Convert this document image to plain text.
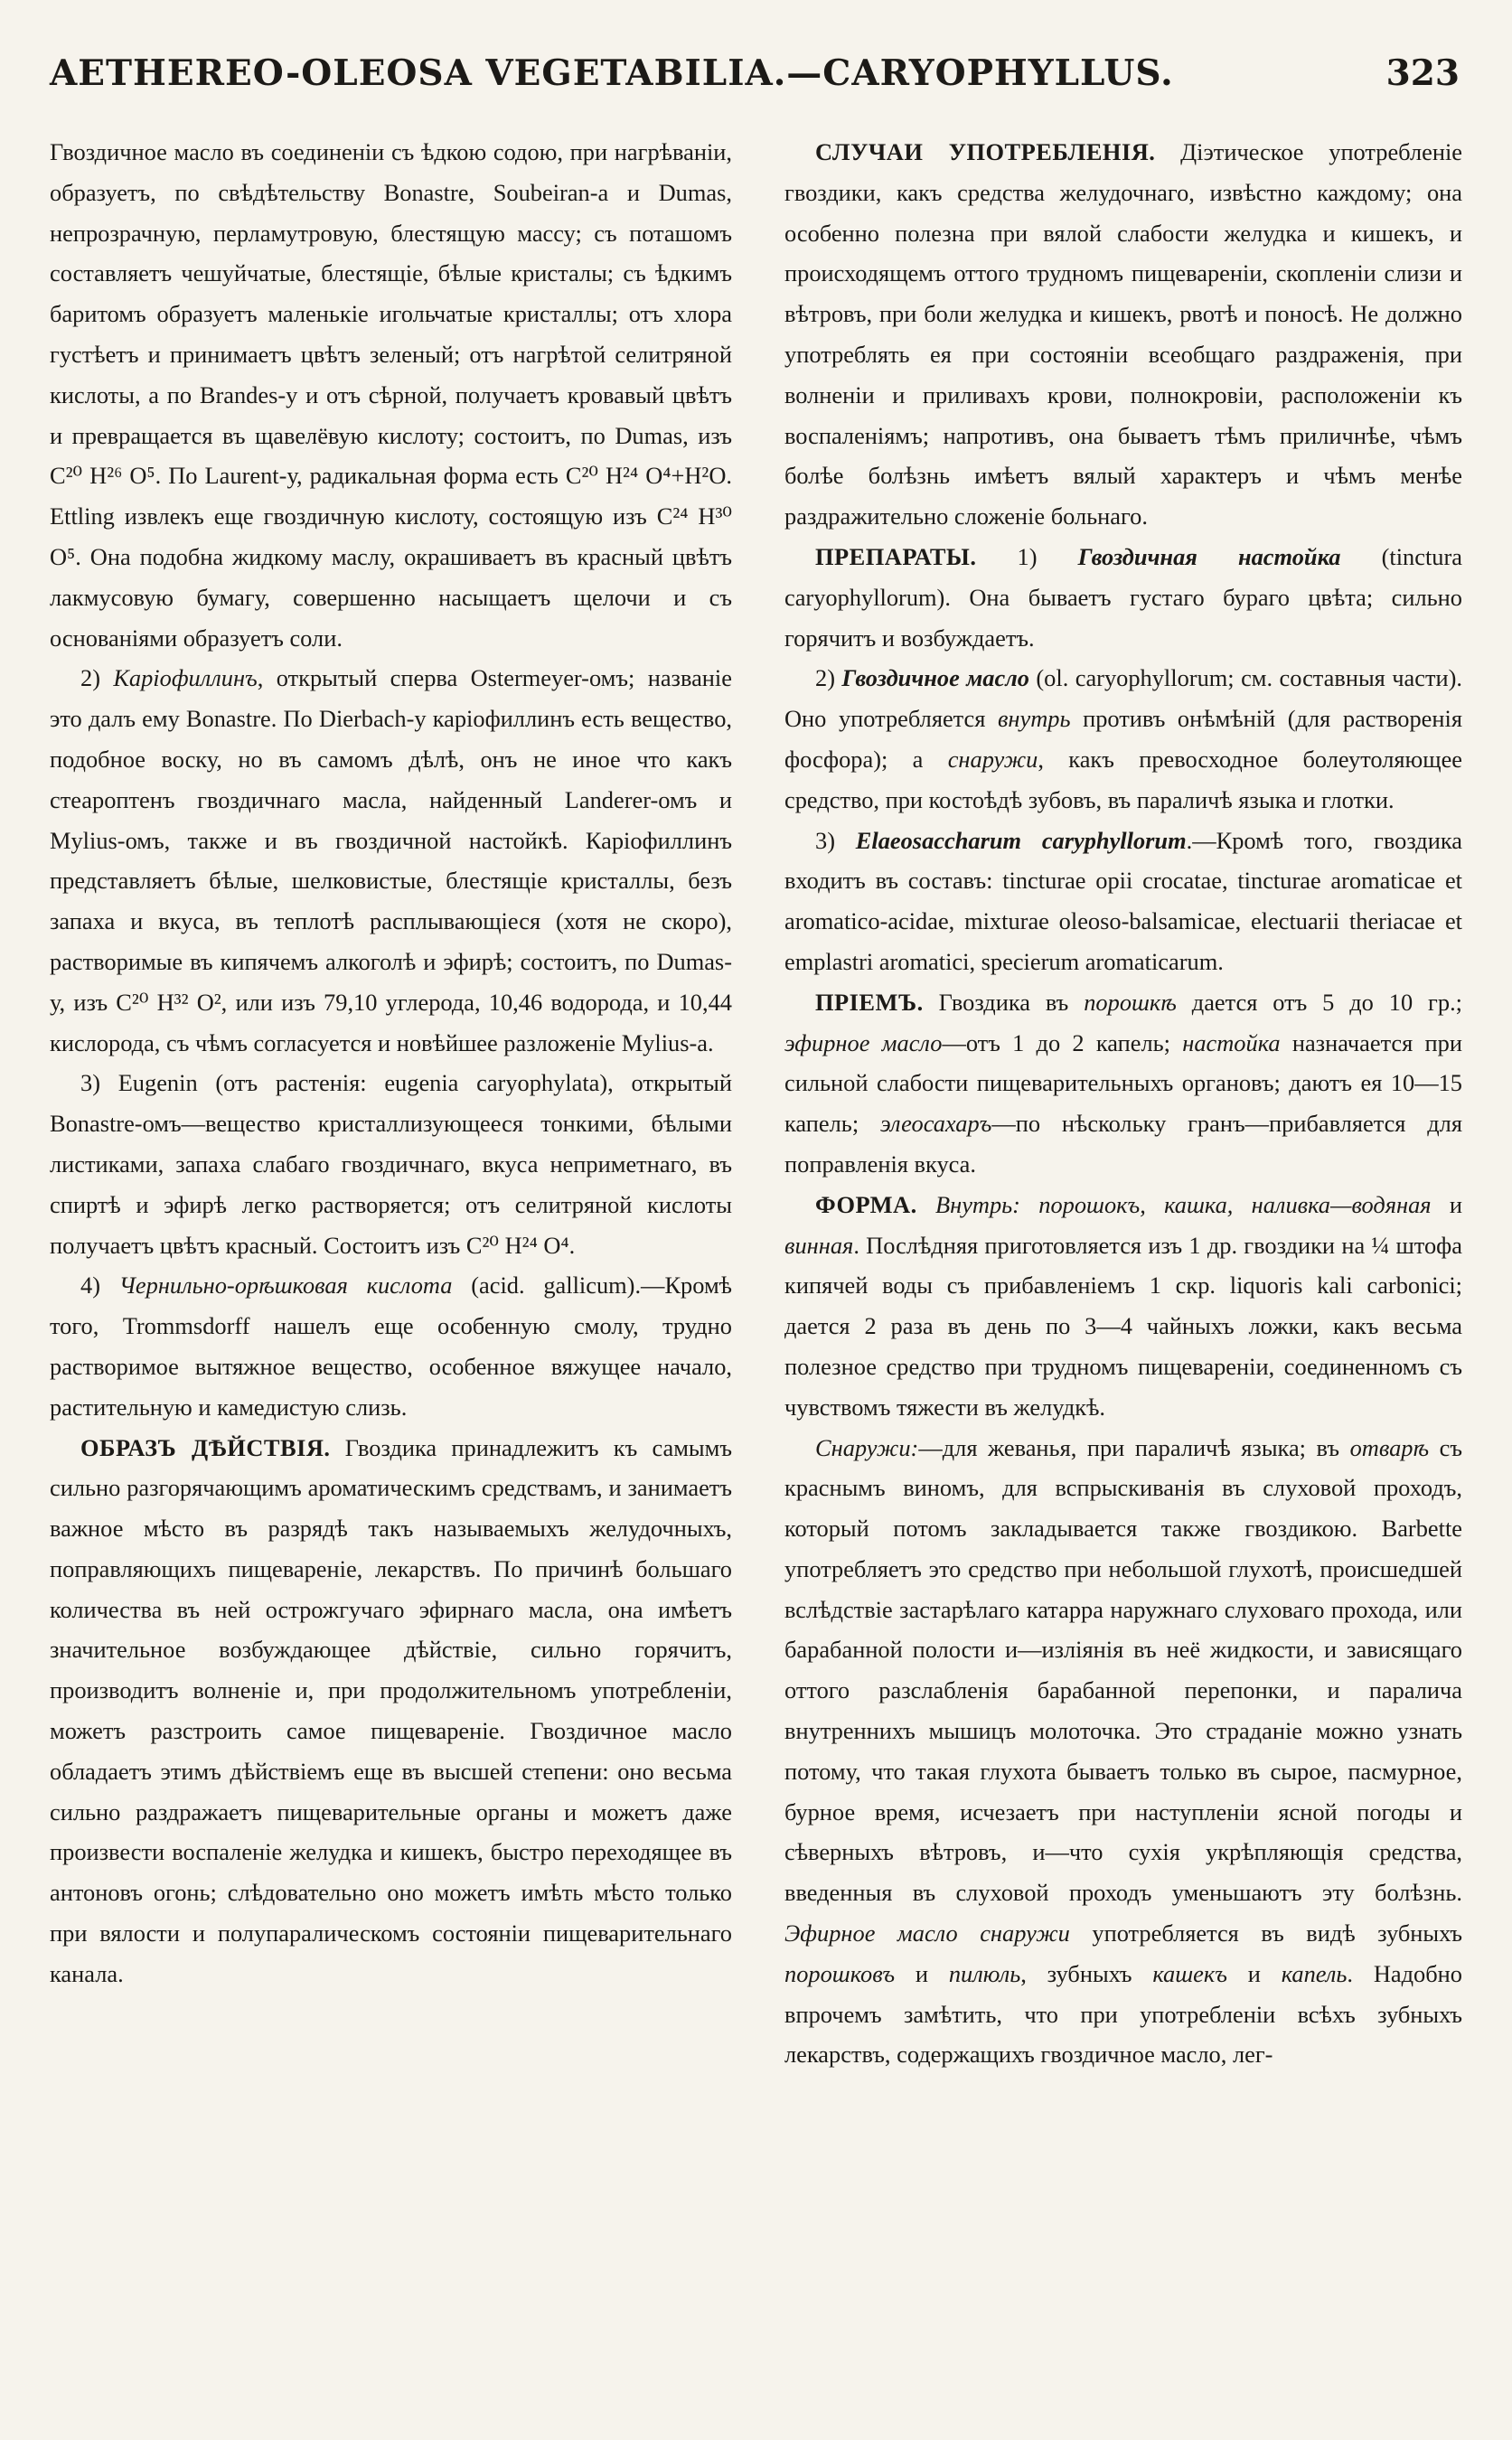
AETHEREO-OLEOSA VEGETABILIA.—CARYOPHYLLUS.	323

Гвоздичное масло въ соединеніи съ ѣдкою содою, при нагрѣваніи, образуетъ, по свѣдѣтельству Bonastre, Soubeiran-а и Dumas, непрозрачную, перламутровую, блестящую массу; съ поташомъ составляетъ чешуйчатые, блестящіе, бѣлые кристалы; съ ѣдкимъ баритомъ образуетъ маленькіе игольчатые кристаллы; отъ хлора густѣетъ и принимаетъ цвѣтъ зеленый; отъ нагрѣтой селитряной кислоты, а по Brandes-у и отъ сѣрной, получаетъ кровавый цвѣтъ и превращается въ щавелёвую кислоту; состоитъ, по Dumas, изъ C²⁰ H²⁶ O⁵. По Laurent-у, радикальная формa есть C²⁰ H²⁴ O⁴+H²O. Ettling извлекъ еще гвоздичную кислоту, состоящую изъ C²⁴ H³⁰ O⁵. Она подобна жидкому маслу, окрашиваетъ въ красный цвѣтъ лакмусовую бумагу, совершенно насыщаетъ щелочи и съ основаніями образуетъ соли.

2) Каріофиллинъ, открытый сперва Ostermeyer-омъ; названіе это далъ ему Bonastre. По Dierbach-у каріофиллинъ есть вещество, подобное воску, но въ самомъ дѣлѣ, онъ не иное что какъ стеароптенъ гвоздичнаго масла, найденный Landerer-омъ и Mylius-омъ, также и въ гвоздичной настойкѣ. Каріофиллинъ представляетъ бѣлые, шелковистые, блестящіе кристаллы, безъ запаха и вкуса, въ теплотѣ расплывающіеся (хотя не скоро), растворимые въ кипячемъ алкоголѣ и эфирѣ; состоитъ, по Dumas-у, изъ C²⁰ H³² O², или изъ 79,10 углерода, 10,46 водорода, и 10,44 кислорода, съ чѣмъ согласуется и новѣйшее разложеніе Mylius-a.

3) Eugenin (отъ растенія: eugenia caryophylata), открытый Bonastre-омъ—вещество кристаллизующееся тонкими, бѣлыми листиками, запаха слабаго гвоздичнаго, вкуса неприметнаго, въ спиртѣ и эфирѣ легко растворяется; отъ селитряной кислоты получаетъ цвѣтъ красный. Состоитъ изъ C²⁰ H²⁴ O⁴.

4) Чернильно-орѣшковая кислота (acid. gallicum).—Кромѣ того, Trommsdorff нашелъ еще особенную смолу, трудно растворимое вытяжное вещество, особенное вяжущее начало, растительную и камедистую слизь.

ОБРАЗЪ ДѢЙСТВІЯ. Гвоздика принадлежитъ къ самымъ сильно разгорячающимъ ароматическимъ средствамъ, и занимаетъ важное мѣсто въ разрядѣ такъ называемыхъ желудочныхъ, поправляющихъ пищевареніе, лекарствъ. По причинѣ большаго количества въ ней острожгучаго эфирнаго масла, она имѣетъ значительное возбуждающее дѣйствіе, сильно горячитъ, производитъ волненіе и, при продолжительномъ употребленіи, можетъ разстроить самое пищевареніе. Гвоздичное масло обладаетъ этимъ дѣйствіемъ еще въ высшей степени: оно весьма сильно раздражаетъ пищеварительные органы и можетъ даже произвести воспаленіе желудка и кишекъ, быстро переходящее въ антоновъ огонь; слѣдовательно оно можетъ имѣть мѣсто только при вялости и полупаралическомъ состояніи пищеварительнаго канала.

СЛУЧАИ УПОТРЕБЛЕНІЯ. Діэтическое употребленіе гвоздики, какъ средства желудочнаго, извѣстно каждому; она особенно полезна при вялой слабости желудка и кишекъ, и происходящемъ оттого трудномъ пищевареніи, скопленіи слизи и вѣтровъ, при боли желудка и кишекъ, рвотѣ и поноcѣ. Не должно употреблять ея при состояніи всеобщаго раздраженія, при волненіи и приливахъ крови, полнокровіи, расположеніи къ воспаленіямъ; напротивъ, она бываетъ тѣмъ приличнѣе, чѣмъ болѣе болѣзнь имѣетъ вялый характеръ и чѣмъ менѣе раздражительно сложеніе больнаго.

ПРЕПАРАТЫ. 1) Гвоздичная настойка (tinctura caryophyllorum). Она бываетъ густаго бураго цвѣта; сильно горячитъ и возбуждаетъ.

2) Гвоздичное масло (ol. caryophyllorum; см. составныя части). Оно употребляется внутрь противъ онѣмѣній (для растворенія фосфора); а снаружи, какъ превосходное болеутоляющее средство, при костоѣдѣ зубовъ, въ параличѣ языка и глотки.

3) Elaeosaccharum caryphyllorum.—Кромѣ того, гвоздика входитъ въ составъ: tincturae opii crocatae, tincturae aromaticae et aromatico-acidae, mixturae oleoso-balsamicae, electuarii theriacae et emplastri aromatici, specierum aromaticarum.

ПРІЕМЪ. Гвоздика въ порошкѣ дается отъ 5 до 10 гр.; эфирное масло—отъ 1 до 2 капель; настойка назначается при сильной слабости пищеварительныхъ органовъ; даютъ ея 10—15 капель; элеосахаръ—по нѣскольку гранъ—прибавляется для поправленія вкуса.

ФОРМА. Внутрь: порошокъ, кашка, наливка—водяная и винная. Послѣдняя приготовляется изъ 1 др. гвоздики на ¼ штофа кипячей воды съ прибавленіемъ 1 скр. liquoris kali carbonici; дается 2 раза въ день по 3—4 чайныхъ ложки, какъ весьма полезное средство при трудномъ пищевареніи, соединенномъ съ чувствомъ тяжести въ желудкѣ.

Снаружи:—для жеванья, при параличѣ языка; въ отварѣ съ краснымъ виномъ, для вспрыскиванія въ слуховой проходъ, который потомъ закладывается также гвоздикою. Barbette употребляетъ это средство при небольшой глухотѣ, происшедшей вслѣдствіе застарѣлаго катарра наружнаго слуховаго прохода, или барабанной полости и—изліянія въ неё жидкости, и зависящаго оттого разслабленія барабанной перепонки, и паралича внутреннихъ мышицъ молоточка. Это страданіе можно узнать потому, что такая глухота бываетъ только въ сырое, пасмурное, бурное время, исчезаетъ при наступленіи ясной погоды и сѣверныхъ вѣтровъ, и—что сухія укрѣпляющія средства, введенныя въ слуховой проходъ уменьшаютъ эту болѣзнь. Эфирное масло снаружи употребляется въ видѣ зубныхъ порошковъ и пилюль, зубныхъ кашекъ и капель. Надобно впрочемъ замѣтить, что при употребленіи всѣхъ зубныхъ лекарствъ, содержащихъ гвоздичное масло, лег-
